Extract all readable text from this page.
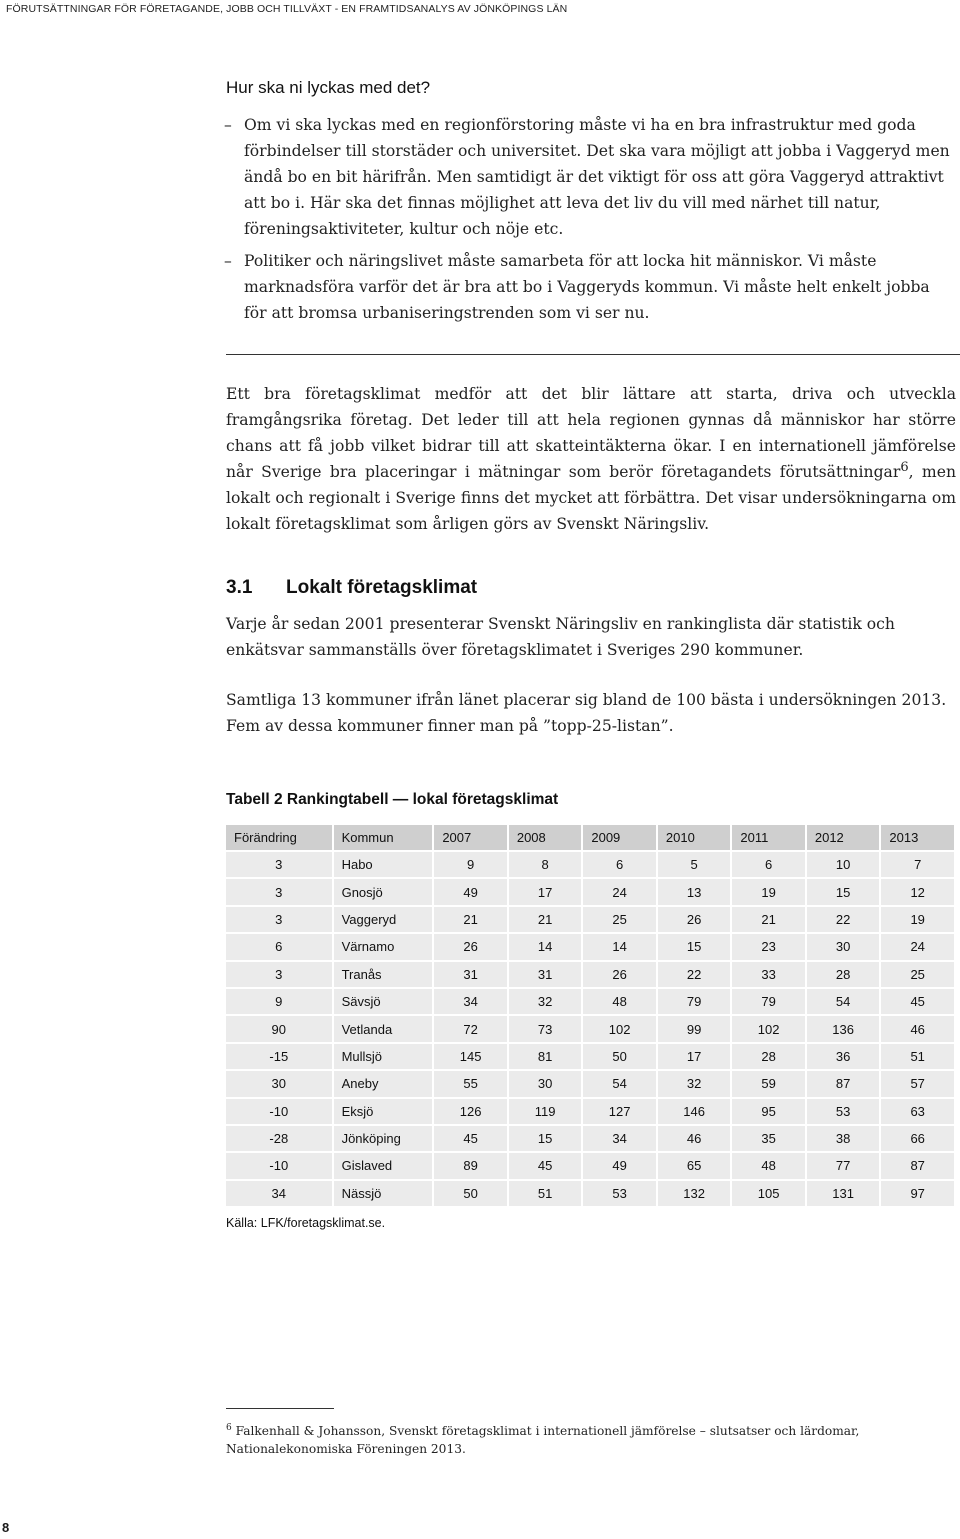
FÖRUTSÄTTNINGAR FÖR FÖRETAGANDE, JOBB OCH TILLVÄXT - EN FRAMTIDSANALYS AV JÖNKÖPINGS LÄN
Hur ska ni lyckas med det?
– Om vi ska lyckas med en regionförstoring måste vi ha en bra infrastruktur med goda förbindelser till storstäder och universitet. Det ska vara möjligt att jobba i Vaggeryd men ändå bo en bit härifrån. Men samtidigt är det viktigt för oss att göra Vaggeryd attraktivt att bo i. Här ska det finnas möjlighet att leva det liv du vill med närhet till natur, föreningsaktiviteter, kultur och nöje etc.
– Politiker och näringslivet måste samarbeta för att locka hit människor. Vi måste marknadsföra varför det är bra att bo i Vaggeryds kommun. Vi måste helt enkelt jobba för att bromsa urbaniseringstrenden som vi ser nu.

Ett bra företagsklimat medför att det blir lättare att starta, driva och utveckla framgångsrika företag. Det leder till att hela regionen gynnas då människor har större chans att få jobb vilket bidrar till att skatteintäkterna ökar. I en internationell jämförelse når Sverige bra placeringar i mätningar som berör företagandets förutsättningar$^6$, men lokalt och regionalt i Sverige finns det mycket att förbättra. Det visar undersökningarna om lokalt företagsklimat som årligen görs av Svenskt Näringsliv.

3.1 Lokalt företagsklimat

Varje år sedan 2001 presenterar Svenskt Näringsliv en rankinglista där statistik och enkätsvar sammanställs över företagsklimatet i Sveriges 290 kommuner.

Samtliga 13 kommuner ifrån länet placerar sig bland de 100 bästa i undersökningen 2013. Fem av dessa kommuner finner man på ”topp-25-listan”.

Tabell 2 Rankingtabell — lokal företagsklimat
Förändring	Kommun	2007	2008	2009	2010	2011	2012	2013
3	Habo	9	8	6	5	6	10	7
3	Gnosjö	49	17	24	13	19	15	12
3	Vaggeryd	21	21	25	26	21	22	19
6	Värnamo	26	14	14	15	23	30	24
3	Tranås	31	31	26	22	33	28	25
9	Sävsjö	34	32	48	79	79	54	45
90	Vetlanda	72	73	102	99	102	136	46
-15	Mullsjö	145	81	50	17	28	36	51
30	Aneby	55	30	54	32	59	87	57
-10	Eksjö	126	119	127	146	95	53	63
-28	Jönköping	45	15	34	46	35	38	66
-10	Gislaved	89	45	49	65	48	77	87
34	Nässjö	50	51	53	132	105	131	97
Källa: LFK/foretagsklimat.se.
$^6$ Falkenhall & Johansson, Svenskt företagsklimat i internationell jämförelse – slutsatser och lärdomar, Nationalekonomiska Föreningen 2013.
8
